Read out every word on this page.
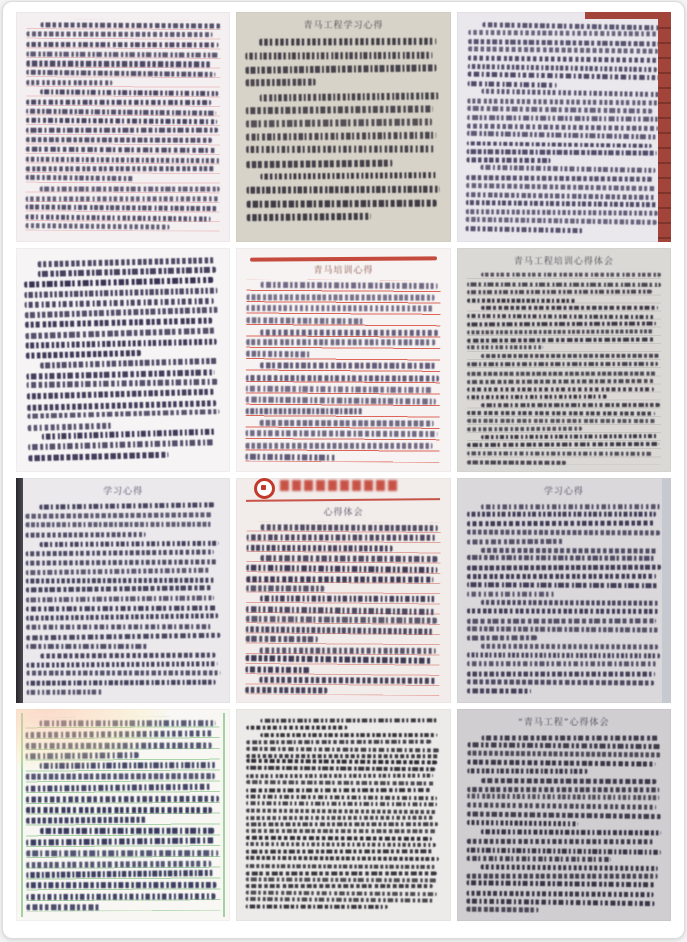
青马工程学习心得
青马培训心得
青马工程培训心得体会
学习心得
心得体会
学习心得
“青马工程”心得体会
